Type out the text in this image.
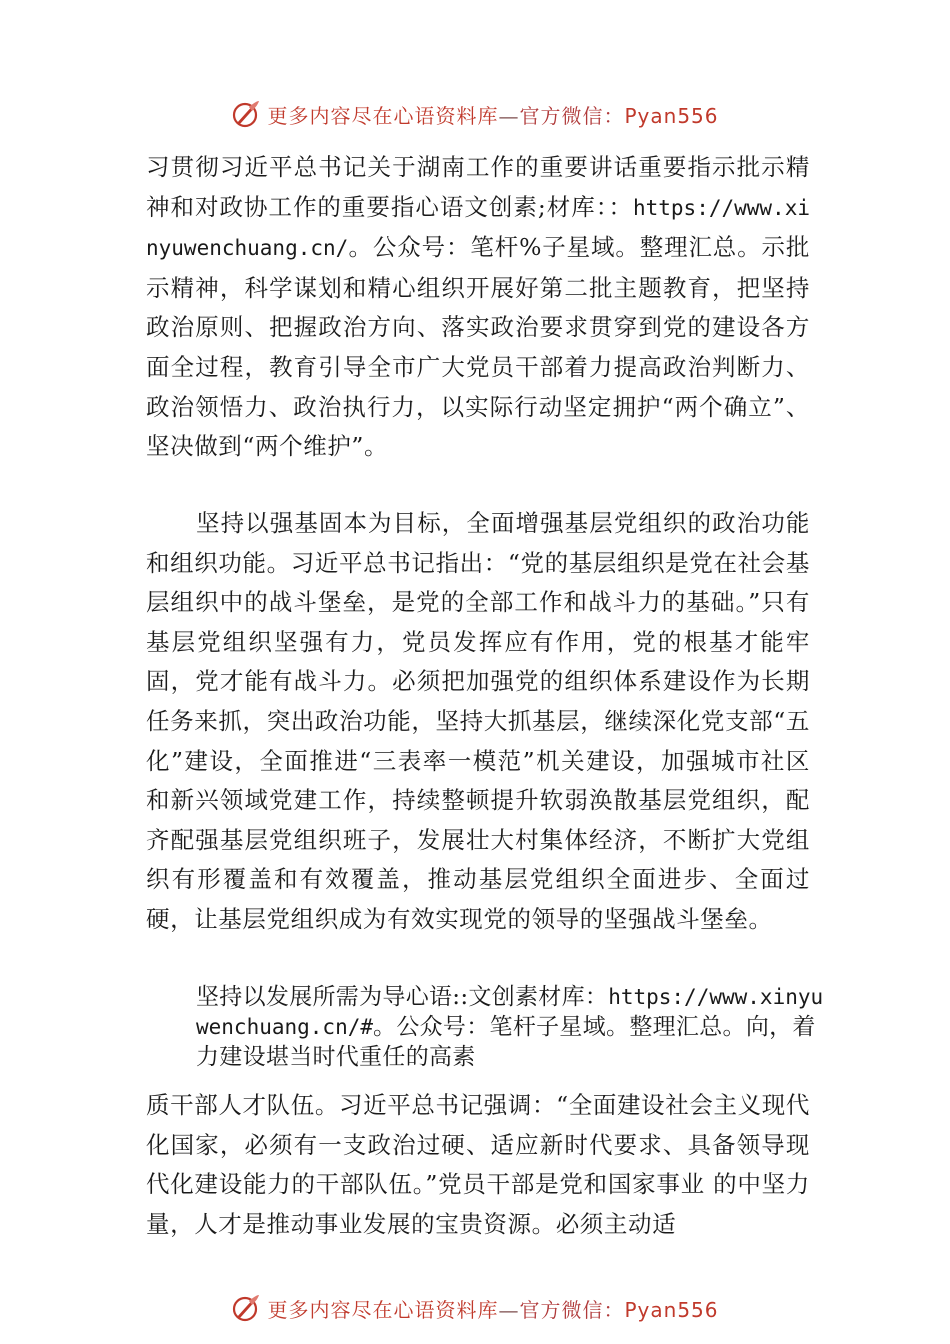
更多内容尽在心语资料库—官方微信：Pyan556

习贯彻习近平总书记关于湖南工作的重要讲话重要指示批示精神和对政协工作的重要指心语文创素;材库：：https://www.xinyuwenchuang.cn/。公众号：笔杆%子星域。整理汇总。示批示精神，科学谋划和精心组织开展好第二批主题教育，把坚持政治原则、把握政治方向、落实政治要求贯穿到党的建设各方面全过程，教育引导全市广大党员干部着力提高政治判断力、政治领悟力、政治执行力，以实际行动坚定拥护“两个确立”、坚决做到“两个维护”。

坚持以强基固本为目标，全面增强基层党组织的政治功能和组织功能。习近平总书记指出：“党的基层组织是党在社会基层组织中的战斗堡垒，是党的全部工作和战斗力的基础。”只有基层党组织坚强有力，党员发挥应有作用，党的根基才能牢固，党才能有战斗力。必须把加强党的组织体系建设作为长期任务来抓，突出政治功能，坚持大抓基层，继续深化党支部“五化”建设，全面推进“三表率一模范”机关建设，加强城市社区和新兴领域党建工作，持续整顿提升软弱涣散基层党组织，配齐配强基层党组织班子，发展壮大村集体经济，不断扩大党组织有形覆盖和有效覆盖，推动基层党组织全面进步、全面过硬，让基层党组织成为有效实现党的领导的坚强战斗堡垒。

坚持以发展所需为导心语::文创素材库：https://www.xinyuwenchuang.cn/#。公众号：笔杆子星域。整理汇总。向，着力建设堪当时代重任的高素

质干部人才队伍。习近平总书记强调：“全面建设社会主义现代化国家，必须有一支政治过硬、适应新时代要求、具备领导现代化建设能力的干部队伍。”党员干部是党和国家事业 的中坚力量，人才是推动事业发展的宝贵资源。必须主动适

更多内容尽在心语资料库—官方微信：Pyan556
